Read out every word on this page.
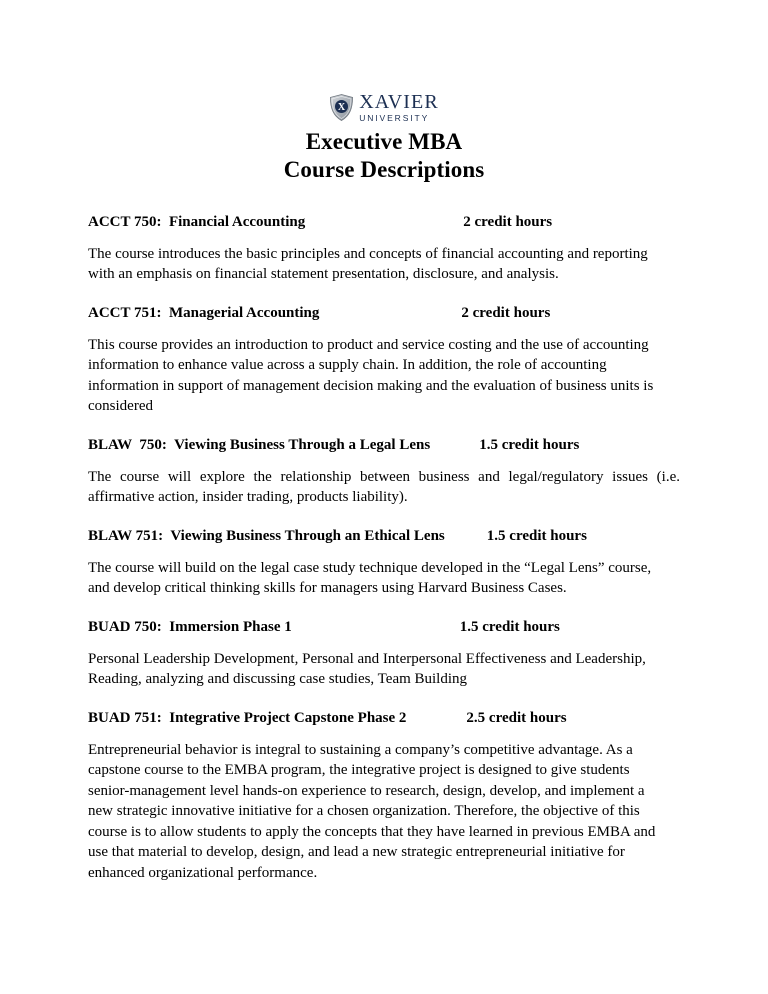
X XAVIER
UNIVERSITY
Executive MBA
Course Descriptions
ACCT 750:  Financial Accounting	2 credit hours

The course introduces the basic principles and concepts of financial accounting and reporting with an emphasis on financial statement presentation, disclosure, and analysis.

ACCT 751:  Managerial Accounting	2 credit hours

This course provides an introduction to product and service costing and the use of accounting information to enhance value across a supply chain. In addition, the role of accounting information in support of management decision making and the evaluation of business units is considered

BLAW  750:  Viewing Business Through a Legal Lens	1.5 credit hours

The course will explore the relationship between business and legal/regulatory issues (i.e. affirmative action, insider trading, products liability).

BLAW 751:  Viewing Business Through an Ethical Lens	1.5 credit hours

The course will build on the legal case study technique developed in the “Legal Lens” course, and develop critical thinking skills for managers using Harvard Business Cases.

BUAD 750:  Immersion Phase 1	1.5 credit hours

Personal Leadership Development, Personal and Interpersonal Effectiveness and Leadership, Reading, analyzing and discussing case studies, Team Building

BUAD 751:  Integrative Project Capstone Phase 2	2.5 credit hours

Entrepreneurial behavior is integral to sustaining a company’s competitive advantage. As a capstone course to the EMBA program, the integrative project is designed to give students senior-management level hands-on experience to research, design, develop, and implement a new strategic innovative initiative for a chosen organization. Therefore, the objective of this course is to allow students to apply the concepts that they have learned in previous EMBA and use that material to develop, design, and lead a new strategic entrepreneurial initiative for enhanced organizational performance.
